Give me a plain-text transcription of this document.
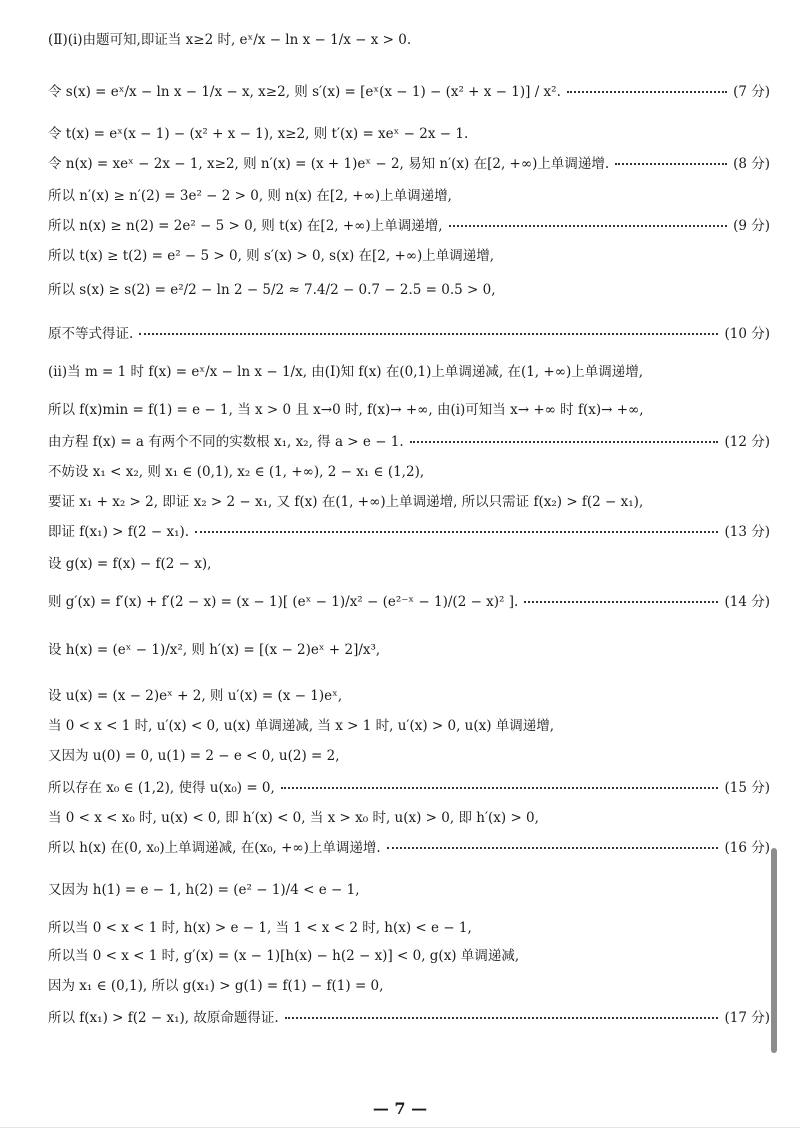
(Ⅱ)(ⅰ)由题可知,即证当 x≥2 时, eˣ/x − ln x − 1/x − x > 0.
令 s(x) = eˣ/x − ln x − 1/x − x, x≥2, 则 s′(x) = [eˣ(x − 1) − (x² + x − 1)] / x².	(7 分)
令 t(x) = eˣ(x − 1) − (x² + x − 1), x≥2, 则 t′(x) = xeˣ − 2x − 1.
令 n(x) = xeˣ − 2x − 1, x≥2, 则 n′(x) = (x + 1)eˣ − 2, 易知 n′(x) 在[2, +∞)上单调递增.	(8 分)
所以 n′(x) ≥ n′(2) = 3e² − 2 > 0, 则 n(x) 在[2, +∞)上单调递增,
所以 n(x) ≥ n(2) = 2e² − 5 > 0, 则 t(x) 在[2, +∞)上单调递增,	(9 分)
所以 t(x) ≥ t(2) = e² − 5 > 0, 则 s′(x) > 0, s(x) 在[2, +∞)上单调递增,
所以 s(x) ≥ s(2) = e²/2 − ln 2 − 5/2 ≈ 7.4/2 − 0.7 − 2.5 = 0.5 > 0,
原不等式得证.	(10 分)
(ⅱ)当 m = 1 时 f(x) = eˣ/x − ln x − 1/x, 由(Ⅰ)知 f(x) 在(0,1)上单调递减, 在(1, +∞)上单调递增,
所以 f(x)min = f(1) = e − 1, 当 x > 0 且 x→0 时, f(x)→ +∞, 由(ⅰ)可知当 x→ +∞ 时 f(x)→ +∞,
由方程 f(x) = a 有两个不同的实数根 x₁, x₂, 得 a > e − 1.	(12 分)
不妨设 x₁ < x₂, 则 x₁ ∈ (0,1), x₂ ∈ (1, +∞), 2 − x₁ ∈ (1,2),
要证 x₁ + x₂ > 2, 即证 x₂ > 2 − x₁, 又 f(x) 在(1, +∞)上单调递增, 所以只需证 f(x₂) > f(2 − x₁),
即证 f(x₁) > f(2 − x₁).	(13 分)
设 g(x) = f(x) − f(2 − x),
则 g′(x) = f′(x) + f′(2 − x) = (x − 1)[ (eˣ − 1)/x² − (e²⁻ˣ − 1)/(2 − x)² ].	(14 分)
设 h(x) = (eˣ − 1)/x², 则 h′(x) = [(x − 2)eˣ + 2]/x³,
设 u(x) = (x − 2)eˣ + 2, 则 u′(x) = (x − 1)eˣ,
当 0 < x < 1 时, u′(x) < 0, u(x) 单调递减, 当 x > 1 时, u′(x) > 0, u(x) 单调递增,
又因为 u(0) = 0, u(1) = 2 − e < 0, u(2) = 2,
所以存在 x₀ ∈ (1,2), 使得 u(x₀) = 0,	(15 分)
当 0 < x < x₀ 时, u(x) < 0, 即 h′(x) < 0, 当 x > x₀ 时, u(x) > 0, 即 h′(x) > 0,
所以 h(x) 在(0, x₀)上单调递减, 在(x₀, +∞)上单调递增.	(16 分)
又因为 h(1) = e − 1, h(2) = (e² − 1)/4 < e − 1,
所以当 0 < x < 1 时, h(x) > e − 1, 当 1 < x < 2 时, h(x) < e − 1,
所以当 0 < x < 1 时, g′(x) = (x − 1)[h(x) − h(2 − x)] < 0, g(x) 单调递减,
因为 x₁ ∈ (0,1), 所以 g(x₁) > g(1) = f(1) − f(1) = 0,
所以 f(x₁) > f(2 − x₁), 故原命题得证.	(17 分)
— 7 —
